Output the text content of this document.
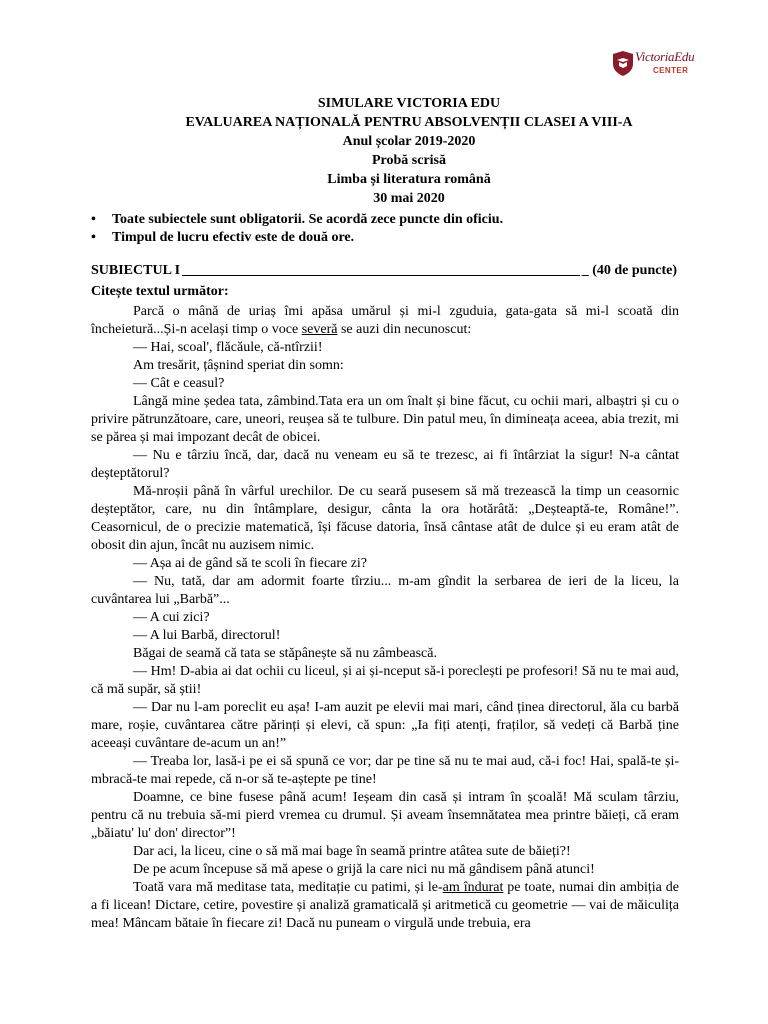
VictoriaEdu
CENTER
SIMULARE VICTORIA EDU
EVALUAREA NAȚIONALĂ PENTRU ABSOLVENȚII CLASEI A VIII-A
Anul școlar 2019-2020
Probă scrisă
Limba și literatura română
30 mai 2020
• Toate subiectele sunt obligatorii. Se acordă zece puncte din oficiu.
• Timpul de lucru efectiv este de două ore.
SUBIECTUL I	_ (40 de puncte)
Citește textul următor:

Parcă o mână de uriaș îmi apăsa umărul și mi-l zguduia, gata-gata să mi-l scoată din încheietură...Și-n același timp o voce severă se auzi din necunoscut:

— Hai, scoal', flăcăule, că-ntîrzii!

Am tresărit, țâșnind speriat din somn:

— Cât e ceasul?

Lângă mine ședea tata, zâmbind.Tata era un om înalt și bine făcut, cu ochii mari, albaștri și cu o privire pătrunzătoare, care, uneori, reușea să te tulbure. Din patul meu, în dimineața aceea, abia trezit, mi se părea și mai impozant decât de obicei.

— Nu e târziu încă, dar, dacă nu veneam eu să te trezesc, ai fi întârziat la sigur! N-a cântat deșteptătorul?

Mă-nroșii până în vârful urechilor. De cu seară pusesem să mă trezească la timp un ceasornic deșteptător, care, nu din întâmplare, desigur, cânta la ora hotărâtă: „Deșteaptă-te, Române!”. Ceasornicul, de o precizie matematică, își făcuse datoria, însă cântase atât de dulce și eu eram atât de obosit din ajun, încât nu auzisem nimic.

— Așa ai de gând să te scoli în fiecare zi?

— Nu, tată, dar am adormit foarte tîrziu... m-am gîndit la serbarea de ieri de la liceu, la cuvântarea lui „Barbă”...

— A cui zici?

— A lui Barbă, directorul!

Băgai de seamă că tata se stăpânește să nu zâmbească.

— Hm! D-abia ai dat ochii cu liceul, și ai și-nceput să-i poreclești pe profesori! Să nu te mai aud, că mă supăr, să știi!

— Dar nu l-am poreclit eu așa! I-am auzit pe elevii mai mari, când ținea directorul, ăla cu barbă mare, roșie, cuvântarea către părinți și elevi, că spun: „Ia fiți atenți, fraților, să vedeți că Barbă ține aceeași cuvântare de-acum un an!”

— Treaba lor, lasă-i pe ei să spună ce vor; dar pe tine să nu te mai aud, că-i foc! Hai, spală-te și-mbracă-te mai repede, că n-or să te-aștepte pe tine!

Doamne, ce bine fusese până acum! Ieșeam din casă și intram în școală! Mă sculam târziu, pentru că nu trebuia să-mi pierd vremea cu drumul. Și aveam însemnătatea mea printre băieți, că eram „băiatu' lu' don' director”!

Dar aci, la liceu, cine o să mă mai bage în seamă printre atâtea sute de băieți?!

De pe acum începuse să mă apese o grijă la care nici nu mă gândisem până atunci!

Toată vara mă meditase tata, meditație cu patimi, și le-am îndurat pe toate, numai din ambiția de a fi licean! Dictare, cetire, povestire și analiză gramaticală și aritmetică cu geometrie — vai de măiculița mea! Mâncam bătaie în fiecare zi! Dacă nu puneam o virgulă unde trebuia, era
